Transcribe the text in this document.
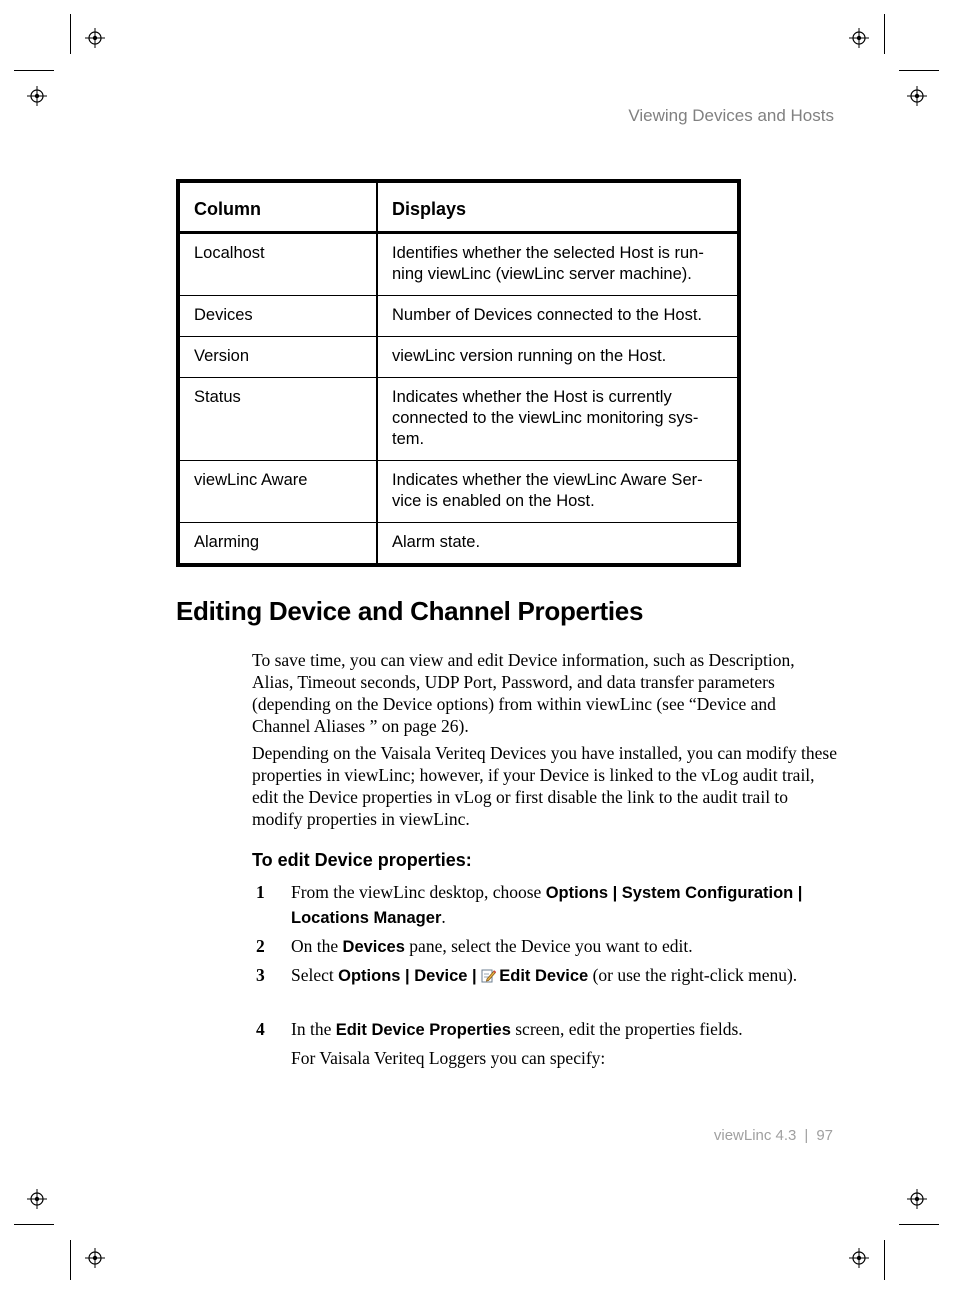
Viewing Devices and Hosts
Column	Displays
Localhost	Identifies whether the selected Host is run-ning viewLinc (viewLinc server machine).
Devices	Number of Devices connected to the Host.
Version	viewLinc version running on the Host.
Status	Indicates whether the Host is currently connected to the viewLinc monitoring sys-tem.
viewLinc Aware	Indicates whether the viewLinc Aware Ser-vice is enabled on the Host.
Alarming	Alarm state.
Editing Device and Channel Properties

To save time, you can view and edit Device information, such as Description, Alias, Timeout seconds, UDP Port, Password, and data transfer parameters (depending on the Device options) from within viewLinc (see “Device and Channel Aliases ” on page 26).

Depending on the Vaisala Veriteq Devices you have installed, you can modify these properties in viewLinc; however, if your Device is linked to the vLog audit trail, edit the Device properties in vLog or first disable the link to the audit trail to modify properties in viewLinc.

To edit Device properties:
1 From the viewLinc desktop, choose Options | System Configuration | Locations Manager.
2 On the Devices pane, select the Device you want to edit.
3 Select Options | Device | Edit Device (or use the right-click menu).
4 In the Edit Device Properties screen, edit the properties fields.
For Vaisala Veriteq Loggers you can specify:
viewLinc 4.3 | 97
